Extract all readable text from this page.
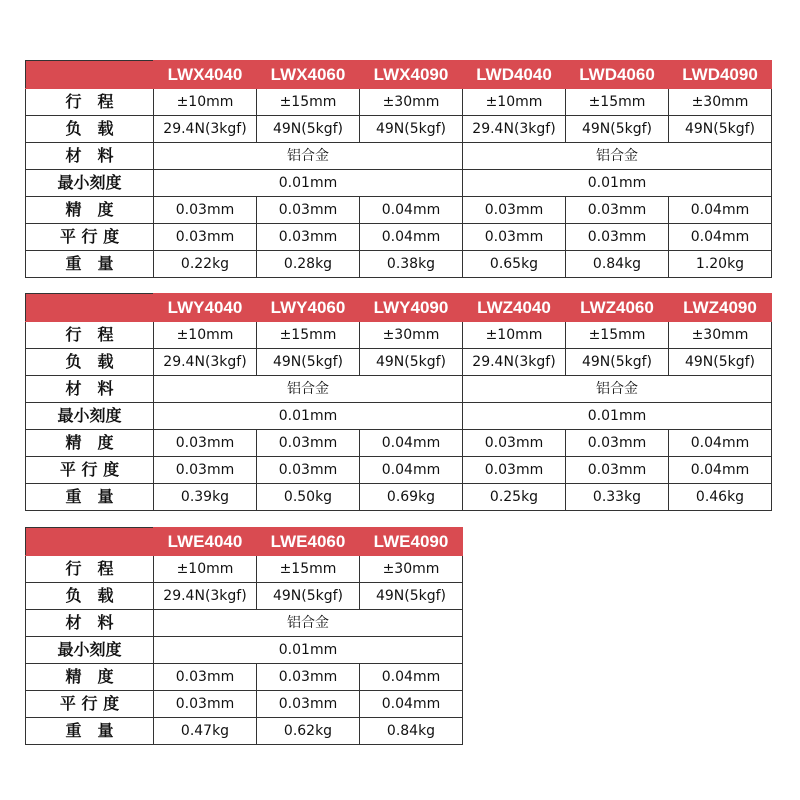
	LWX4040	LWX4060	LWX4090	LWD4040	LWD4060	LWD4090
行　程	±10mm	±15mm	±30mm	±10mm	±15mm	±30mm
负　载	29.4N(3kgf)	49N(5kgf)	49N(5kgf)	29.4N(3kgf)	49N(5kgf)	49N(5kgf)
材　料	铝合金			铝合金		
最小刻度	0.01mm			0.01mm		
精　度	0.03mm	0.03mm	0.04mm	0.03mm	0.03mm	0.04mm
平 行 度	0.03mm	0.03mm	0.04mm	0.03mm	0.03mm	0.04mm
重　量	0.22kg	0.28kg	0.38kg	0.65kg	0.84kg	1.20kg
	LWY4040	LWY4060	LWY4090	LWZ4040	LWZ4060	LWZ4090
行　程	±10mm	±15mm	±30mm	±10mm	±15mm	±30mm
负　载	29.4N(3kgf)	49N(5kgf)	49N(5kgf)	29.4N(3kgf)	49N(5kgf)	49N(5kgf)
材　料	铝合金			铝合金		
最小刻度	0.01mm			0.01mm		
精　度	0.03mm	0.03mm	0.04mm	0.03mm	0.03mm	0.04mm
平 行 度	0.03mm	0.03mm	0.04mm	0.03mm	0.03mm	0.04mm
重　量	0.39kg	0.50kg	0.69kg	0.25kg	0.33kg	0.46kg
	LWE4040	LWE4060	LWE4090
行　程	±10mm	±15mm	±30mm
负　载	29.4N(3kgf)	49N(5kgf)	49N(5kgf)
材　料	铝合金		
最小刻度	0.01mm		
精　度	0.03mm	0.03mm	0.04mm
平 行 度	0.03mm	0.03mm	0.04mm
重　量	0.47kg	0.62kg	0.84kg
